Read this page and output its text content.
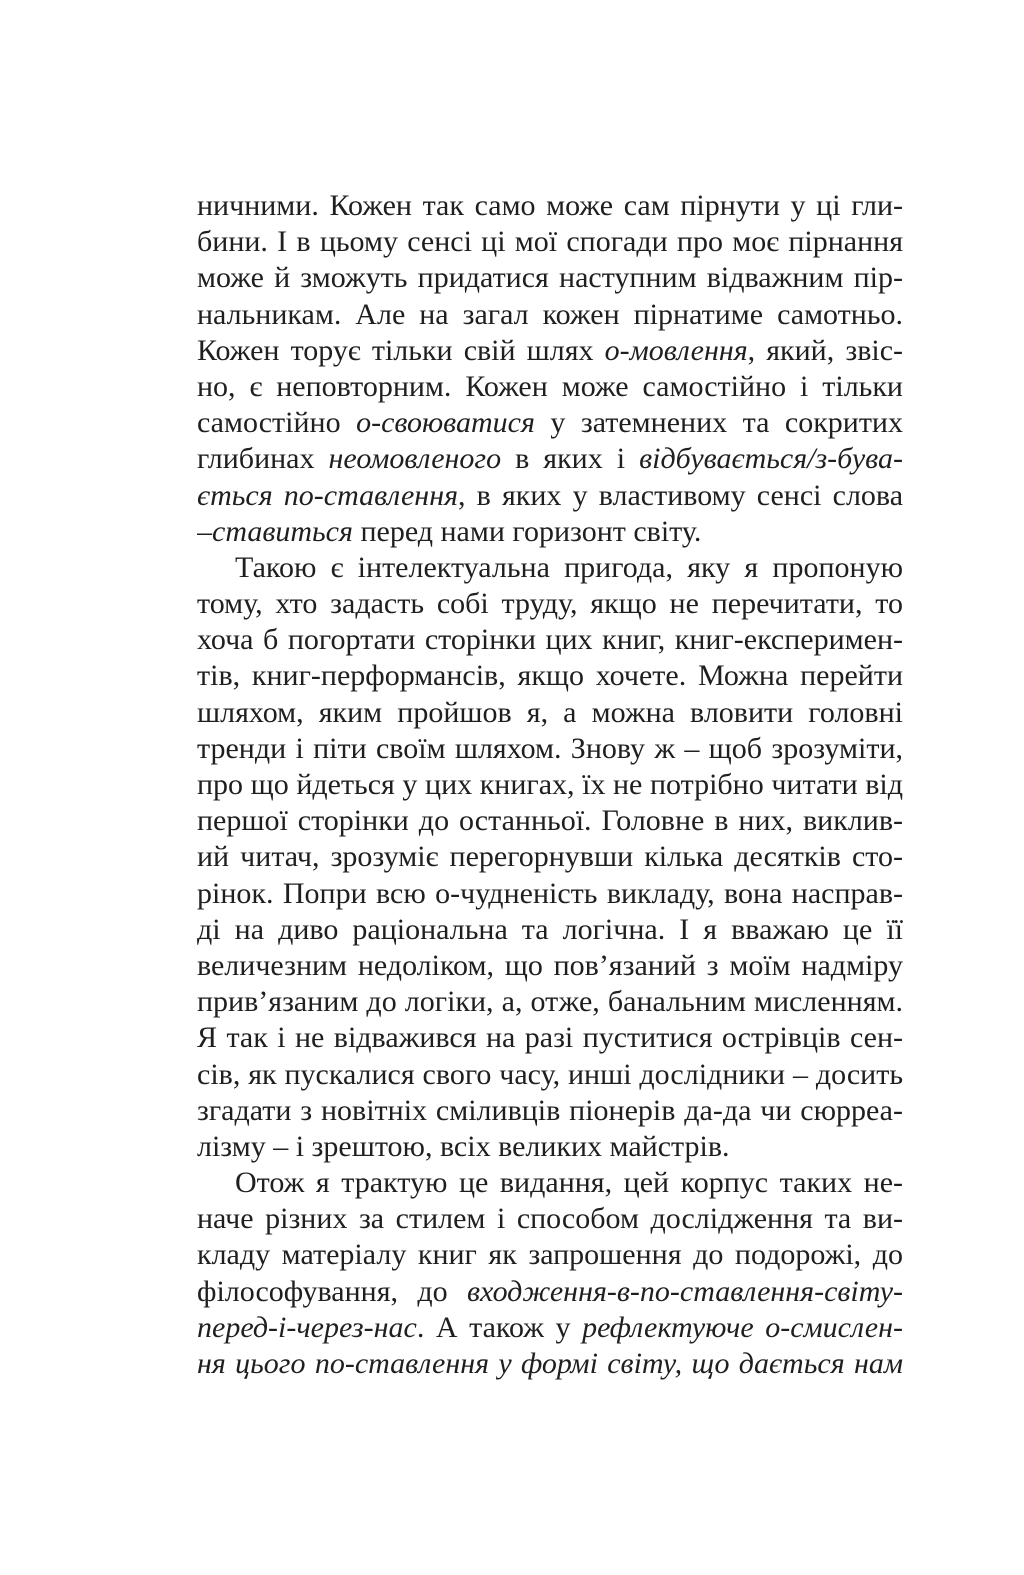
ничними. Кожен так само може сам пірнути у ці гли-
бини. І в цьому сенсі ці мої спогади про моє пірнання
може й зможуть придатися наступним відважним пір-
нальникам. Але на загал кожен пірнатиме самотньо.
Кожен торує тільки свій шлях о-мовлення, який, звіс-
но, є неповторним. Кожен може самостійно і тільки
самостійно о-своюватися у затемнених та сокритих
глибинах неомовленого в яких і відбувається/з-бува-
ється по-ставлення, в яких у властивому сенсі слова
–ставиться перед нами горизонт світу.
Такою є інтелектуальна пригода, яку я пропоную
тому, хто задасть собі труду, якщо не перечитати, то
хоча б погортати сторінки цих книг, книг-експеримен-
тів, книг-перформансів, якщо хочете. Можна перейти
шляхом, яким пройшов я, а можна вловити головні
тренди і піти своїм шляхом. Знову ж – щоб зрозуміти,
про що йдеться у цих книгах, їх не потрібно читати від
першої сторінки до останньої. Головне в них, виклив-
ий читач, зрозуміє перегорнувши кілька десятків сто-
рінок. Попри всю о-чудненість викладу, вона насправ-
ді на диво раціональна та логічна. І я вважаю це її
величезним недоліком, що пов’язаний з моїм надміру
прив’язаним до логіки, а, отже, банальним мисленням.
Я так і не відважився на разі пуститися острівців сен-
сів, як пускалися свого часу, инші дослідники – досить
згадати з новітніх сміливців піонерів да-да чи сюрреа-
лізму – і зрештою, всіх великих майстрів.
Отож я трактую це видання, цей корпус таких не-
наче різних за стилем і способом дослідження та ви-
кладу матеріалу книг як запрошення до подорожі, до
філософування, до входження-в-по-ставлення-світу-
перед-і-через-нас. А також у рефлектуюче о-смислен-
ня цього по-ставлення у формі світу, що дається нам
